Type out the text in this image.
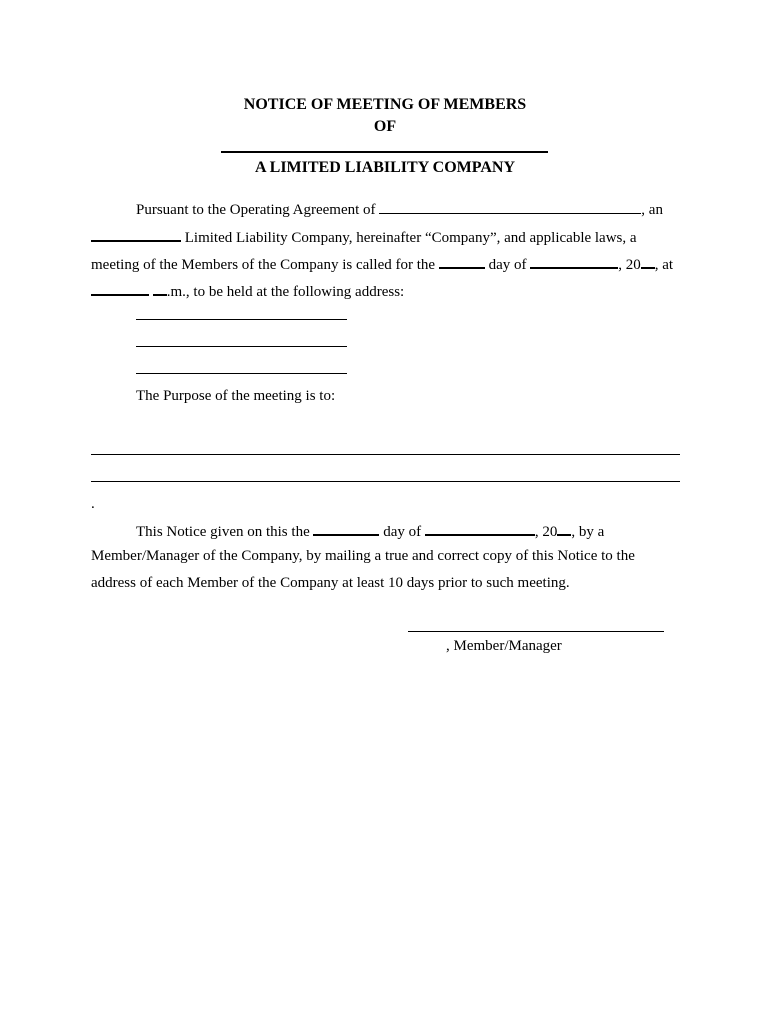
NOTICE OF MEETING OF MEMBERS
OF
A LIMITED LIABILITY COMPANY
Pursuant to the Operating Agreement of	, an
Limited Liability Company, hereinafter “Company”, and applicable laws, a
meeting of the Members of the Company is called for the	day of	, 20 , at
.m., to be held at the following address:
The Purpose of the meeting is to:
.
This Notice given on this the	day of	, 20 , by a
Member/Manager of the Company, by mailing a true and correct copy of this Notice to the
address of each Member of the Company at least 10 days prior to such meeting.
, Member/Manager
